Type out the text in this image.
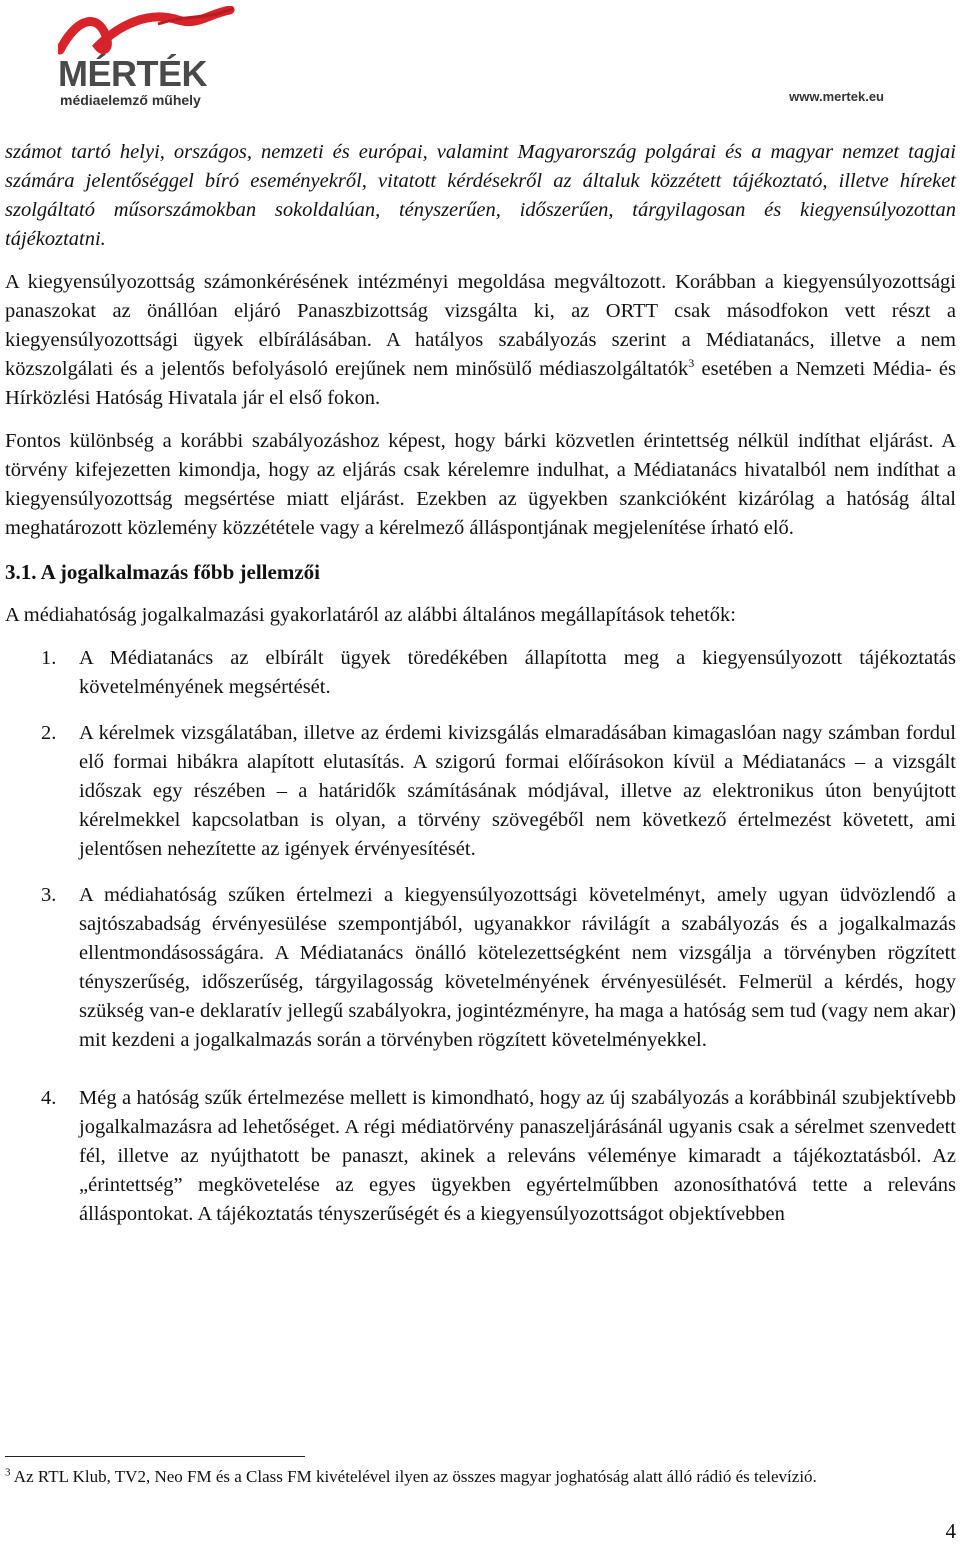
MÉRTÉK
médiaelemző műhely	www.mertek.eu

számot tartó helyi, országos, nemzeti és európai, valamint Magyarország polgárai és a magyar nemzet tagjai számára jelentőséggel bíró eseményekről, vitatott kérdésekről az általuk közzétett tájékoztató, illetve híreket szolgáltató műsorszámokban sokoldalúan, tényszerűen, időszerűen, tárgyilagosan és kiegyensúlyozottan tájékoztatni.

A kiegyensúlyozottság számonkérésének intézményi megoldása megváltozott. Korábban a kiegyensúlyozottsági panaszokat az önállóan eljáró Panaszbizottság vizsgálta ki, az ORTT csak másodfokon vett részt a kiegyensúlyozottsági ügyek elbírálásában. A hatályos szabályozás szerint a Médiatanács, illetve a nem közszolgálati és a jelentős befolyásoló erejűnek nem minősülő médiaszolgáltatók$^3$ esetében a Nemzeti Média- és Hírközlési Hatóság Hivatala jár el első fokon.

Fontos különbség a korábbi szabályozáshoz képest, hogy bárki közvetlen érintettség nélkül indíthat eljárást. A törvény kifejezetten kimondja, hogy az eljárás csak kérelemre indulhat, a Médiatanács hivatalból nem indíthat a kiegyensúlyozottság megsértése miatt eljárást. Ezekben az ügyekben szankcióként kizárólag a hatóság által meghatározott közlemény közzététele vagy a kérelmező álláspontjának megjelenítése írható elő.

3.1. A jogalkalmazás főbb jellemzői

A médiahatóság jogalkalmazási gyakorlatáról az alábbi általános megállapítások tehetők:

1. A Médiatanács az elbírált ügyek töredékében állapította meg a kiegyensúlyozott tájékoztatás követelményének megsértését.
2. A kérelmek vizsgálatában, illetve az érdemi kivizsgálás elmaradásában kimagaslóan nagy számban fordul elő formai hibákra alapított elutasítás. A szigorú formai előírásokon kívül a Médiatanács – a vizsgált időszak egy részében – a határidők számításának módjával, illetve az elektronikus úton benyújtott kérelmekkel kapcsolatban is olyan, a törvény szövegéből nem következő értelmezést követett, ami jelentősen nehezítette az igények érvényesítését.
3. A médiahatóság szűken értelmezi a kiegyensúlyozottsági követelményt, amely ugyan üdvözlendő a sajtószabadság érvényesülése szempontjából, ugyanakkor rávilágít a szabályozás és a jogalkalmazás ellentmondásosságára. A Médiatanács önálló kötelezettségként nem vizsgálja a törvényben rögzített tényszerűség, időszerűség, tárgyilagosság követelményének érvényesülését. Felmerül a kérdés, hogy szükség van-e deklaratív jellegű szabályokra, jogintézményre, ha maga a hatóság sem tud (vagy nem akar) mit kezdeni a jogalkalmazás során a törvényben rögzített követelményekkel.
4. Még a hatóság szűk értelmezése mellett is kimondható, hogy az új szabályozás a korábbinál szubjektívebb jogalkalmazásra ad lehetőséget. A régi médiatörvény panaszeljárásánál ugyanis csak a sérelmet szenvedett fél, illetve az nyújthatott be panaszt, akinek a releváns véleménye kimaradt a tájékoztatásból. Az „érintettség” megkövetelése az egyes ügyekben egyértelműbben azonosíthatóvá tette a releváns álláspontokat. A tájékoztatás tényszerűségét és a kiegyensúlyozottságot objektívebben
$^3$ Az RTL Klub, TV2, Neo FM és a Class FM kivételével ilyen az összes magyar joghatóság alatt álló rádió és televízió.
4
